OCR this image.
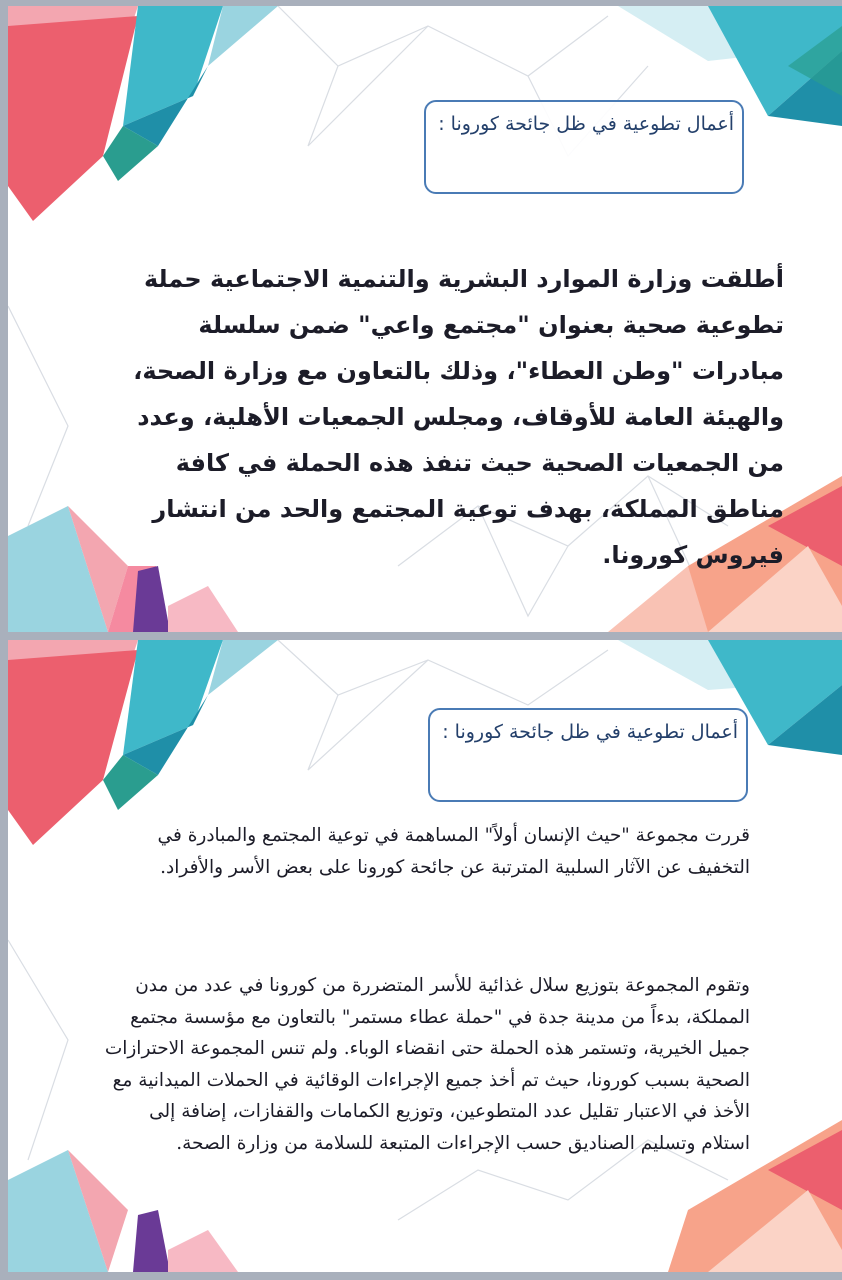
أعمال تطوعية في ظل جائحة كورونا :

أطلقت وزارة الموارد البشرية والتنمية الاجتماعية حملة تطوعية صحية بعنوان "مجتمع واعي" ضمن سلسلة مبادرات "وطن العطاء"، وذلك بالتعاون مع وزارة الصحة، والهيئة العامة للأوقاف، ومجلس الجمعيات الأهلية، وعدد من الجمعيات الصحية حيث تنفذ هذه الحملة في كافة مناطق المملكة، بهدف توعية المجتمع والحد من انتشار فيروس كورونا.

أعمال تطوعية في ظل جائحة كورونا :

قررت مجموعة "حيث الإنسان أولاً" المساهمة في توعية المجتمع والمبادرة في التخفيف عن الآثار السلبية المترتبة عن جائحة كورونا على بعض الأسر والأفراد.

وتقوم المجموعة بتوزيع سلال غذائية للأسر المتضررة من كورونا في عدد من مدن المملكة، بدءاً من مدينة جدة في "حملة عطاء مستمر" بالتعاون مع مؤسسة مجتمع جميل الخيرية، وتستمر هذه الحملة حتى انقضاء الوباء. ولم تنس المجموعة الاحترازات الصحية بسبب كورونا، حيث تم أخذ جميع الإجراءات الوقائية في الحملات الميدانية مع الأخذ في الاعتبار تقليل عدد المتطوعين، وتوزيع الكمامات والقفازات، إضافة إلى استلام وتسليم الصناديق حسب الإجراءات المتبعة للسلامة من وزارة الصحة.
